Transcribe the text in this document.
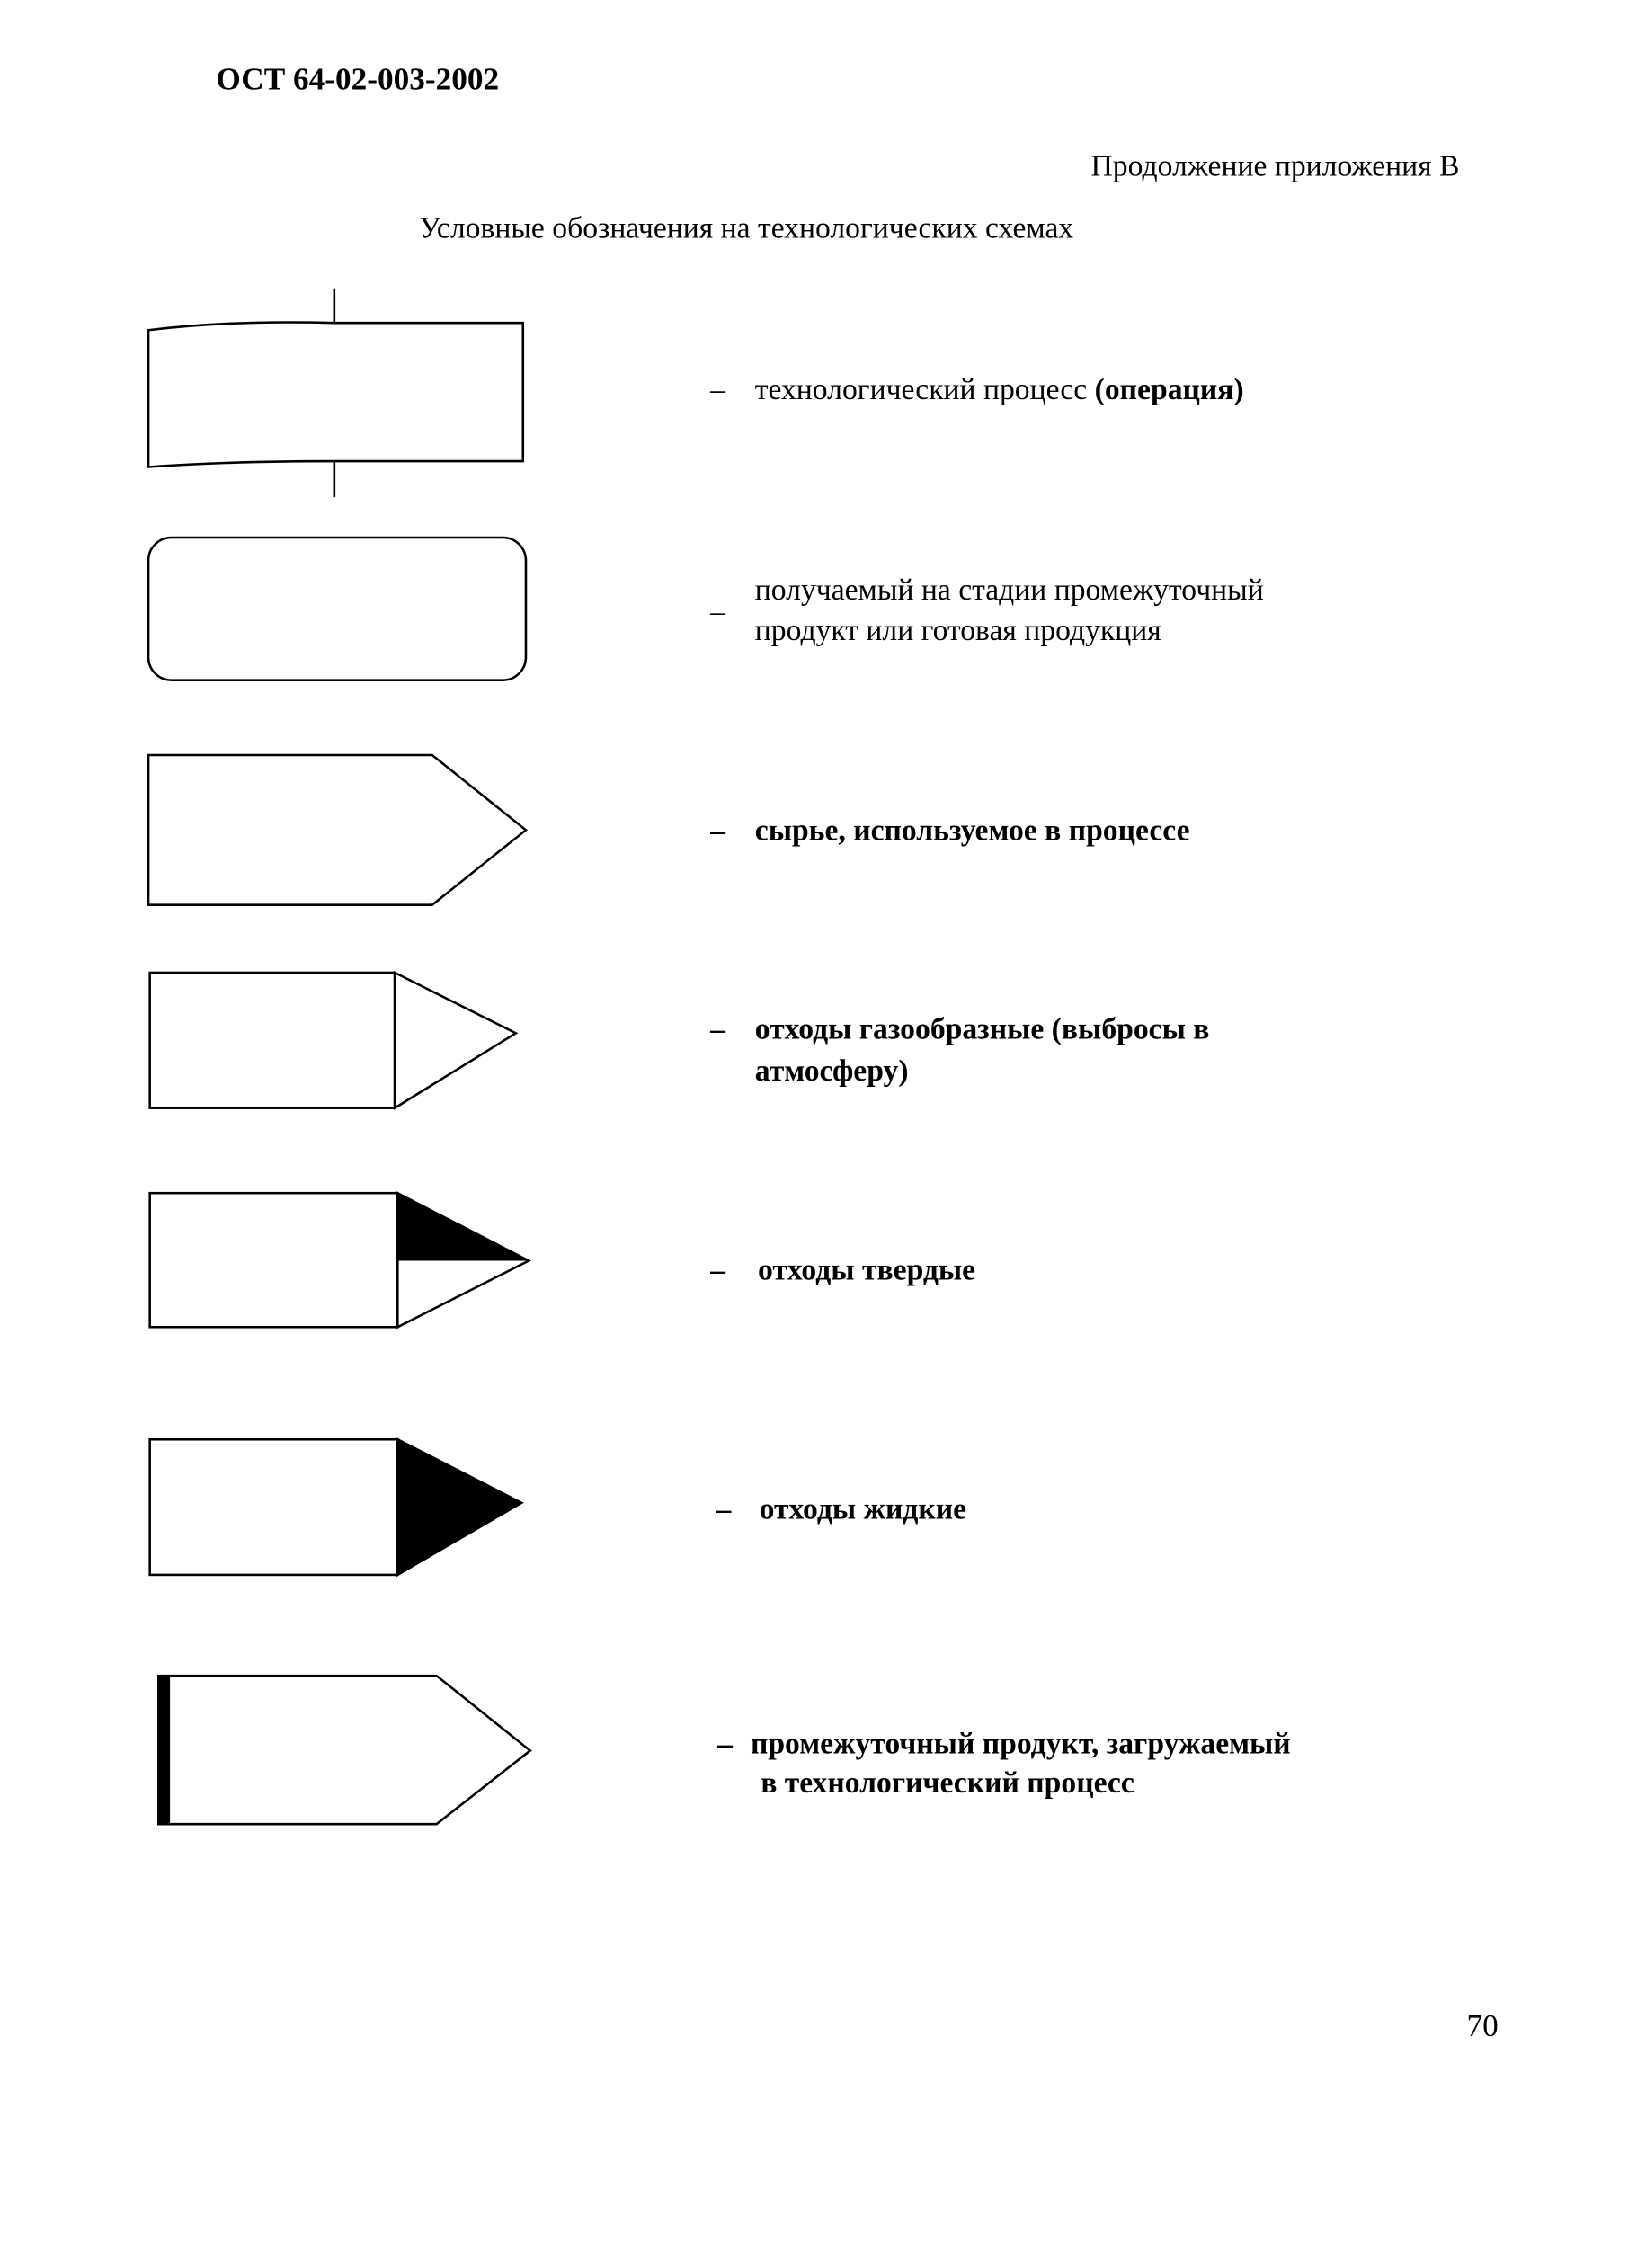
ОСТ 64-02-003-2002
Продолжение приложения В
Условные обозначения на технологических схемах
– технологический процесс (операция)
_ получаемый на стадии промежуточный
продукт или готовая продукция
– сырье, используемое в процессе
– отходы газообразные (выбросы в
атмосферу)
– отходы твердые
– отходы жидкие
– промежуточный продукт, загружаемый
в технологический процесс
70
